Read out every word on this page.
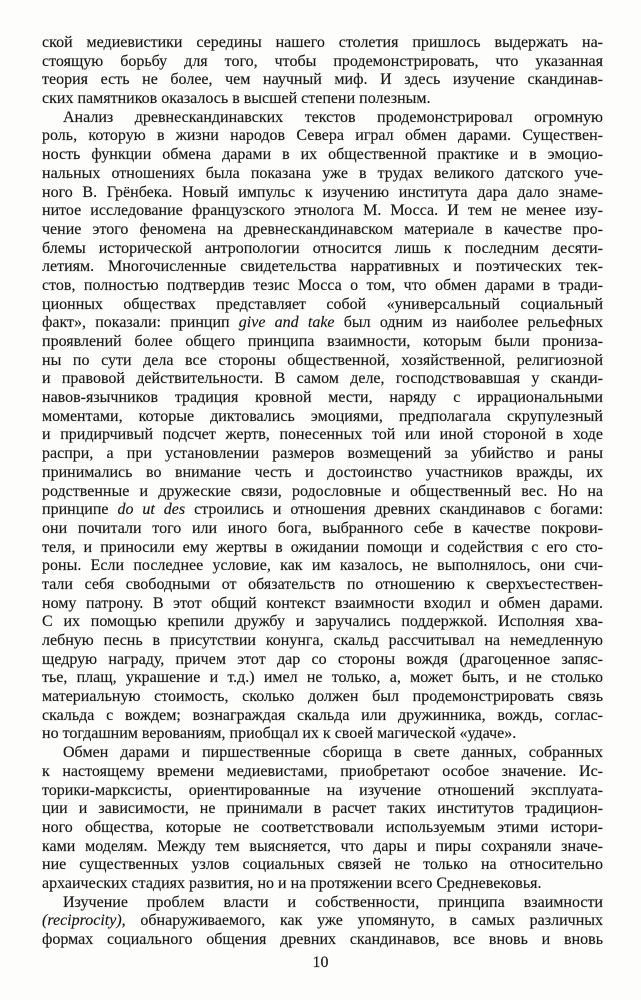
ской медиевистики середины нашего столетия пришлось выдержать на-
стоящую борьбу для того, чтобы продемонстрировать, что указанная
теория есть не более, чем научный миф. И здесь изучение скандинав-
ских памятников оказалось в высшей степени полезным.
Анализ древнескандинавских текстов продемонстрировал огромную
роль, которую в жизни народов Севера играл обмен дарами. Существен-
ность функции обмена дарами в их общественной практике и в эмоцио-
нальных отношениях была показана уже в трудах великого датского уче-
ного В. Грёнбека. Новый импульс к изучению института дара дало знаме-
нитое исследование французского этнолога М. Мосса. И тем не менее изу-
чение этого феномена на древнескандинавском материале в качестве про-
блемы исторической антропологии относится лишь к последним десяти-
летиям. Многочисленные свидетельства нарративных и поэтических тек-
стов, полностью подтвердив тезис Мосса о том, что обмен дарами в тради-
ционных обществах представляет собой «универсальный социальный
факт», показали: принцип give and take был одним из наиболее рельефных
проявлений более общего принципа взаимности, которым были прониза-
ны по сути дела все стороны общественной, хозяйственной, религиозной
и правовой действительности. В самом деле, господствовавшая у сканди-
навов-язычников традиция кровной мести, наряду с иррациональными
моментами, которые диктовались эмоциями, предполагала скрупулезный
и придирчивый подсчет жертв, понесенных той или иной стороной в ходе
распри, а при установлении размеров возмещений за убийство и раны
принимались во внимание честь и достоинство участников вражды, их
родственные и дружеские связи, родословные и общественный вес. Но на
принципе do ut des строились и отношения древних скандинавов с богами:
они почитали того или иного бога, выбранного себе в качестве покрови-
теля, и приносили ему жертвы в ожидании помощи и содействия с его сто-
роны. Если последнее условие, как им казалось, не выполнялось, они счи-
тали себя свободными от обязательств по отношению к сверхъестествен-
ному патрону. В этот общий контекст взаимности входил и обмен дарами.
С их помощью крепили дружбу и заручались поддержкой. Исполняя хва-
лебную песнь в присутствии конунга, скальд рассчитывал на немедленную
щедрую награду, причем этот дар со стороны вождя (драгоценное запяс-
тье, плащ, украшение и т.д.) имел не только, а, может быть, и не столько
материальную стоимость, сколько должен был продемонстрировать связь
скальда с вождем; вознаграждая скальда или дружинника, вождь, соглас-
но тогдашним верованиям, приобщал их к своей магической «удаче».
Обмен дарами и пиршественные сборища в свете данных, собранных
к настоящему времени медиевистами, приобретают особое значение. Ис-
торики-марксисты, ориентированные на изучение отношений эксплуата-
ции и зависимости, не принимали в расчет таких институтов традицион-
ного общества, которые не соответствовали используемым этими истори-
ками моделям. Между тем выясняется, что дары и пиры сохраняли значе-
ние существенных узлов социальных связей не только на относительно
архаических стадиях развития, но и на протяжении всего Средневековья.
Изучение проблем власти и собственности, принципа взаимности
(reciprocity), обнаруживаемого, как уже упомянуто, в самых различных
формах социального общения древних скандинавов, все вновь и вновь
10
